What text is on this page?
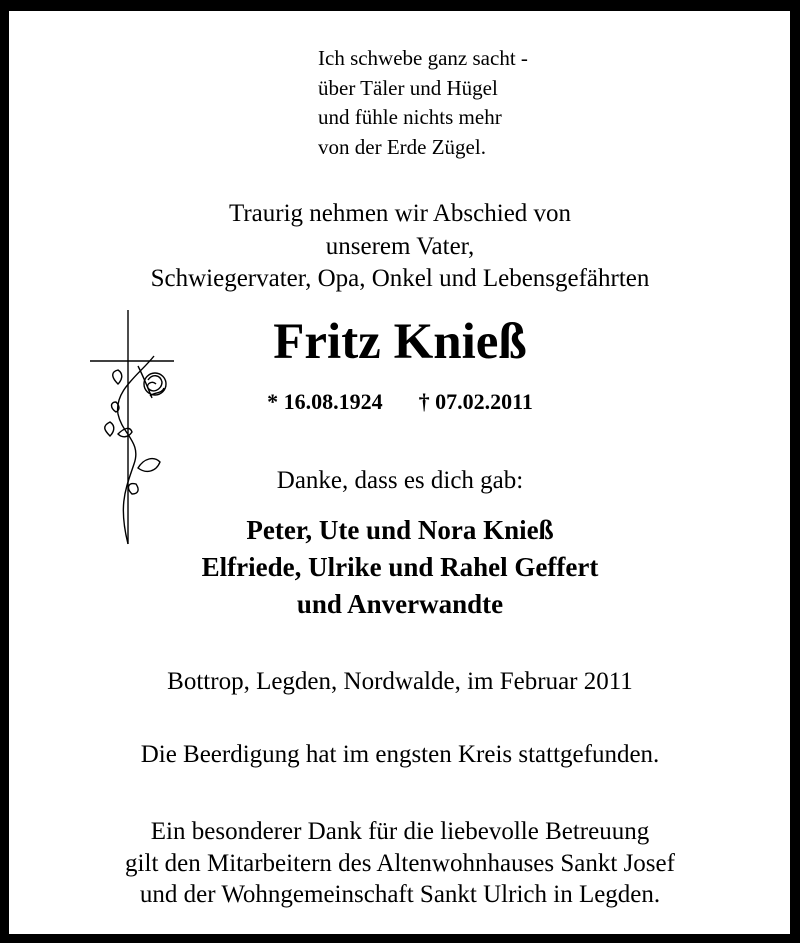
Ich schwebe ganz sacht -
über Täler und Hügel
und fühle nichts mehr
von der Erde Zügel.

Traurig nehmen wir Abschied von

unserem Vater,

Schwiegervater, Opa, Onkel und Lebensgefährten

Fritz Knieß

* 16.08.1924 † 07.02.2011

Danke, dass es dich gab:

Peter, Ute und Nora Knieß

Elfriede, Ulrike und Rahel Geffert

und Anverwandte

Bottrop, Legden, Nordwalde, im Februar 2011

Die Beerdigung hat im engsten Kreis stattgefunden.

Ein besonderer Dank für die liebevolle Betreuung

gilt den Mitarbeitern des Altenwohnhauses Sankt Josef

und der Wohngemeinschaft Sankt Ulrich in Legden.
